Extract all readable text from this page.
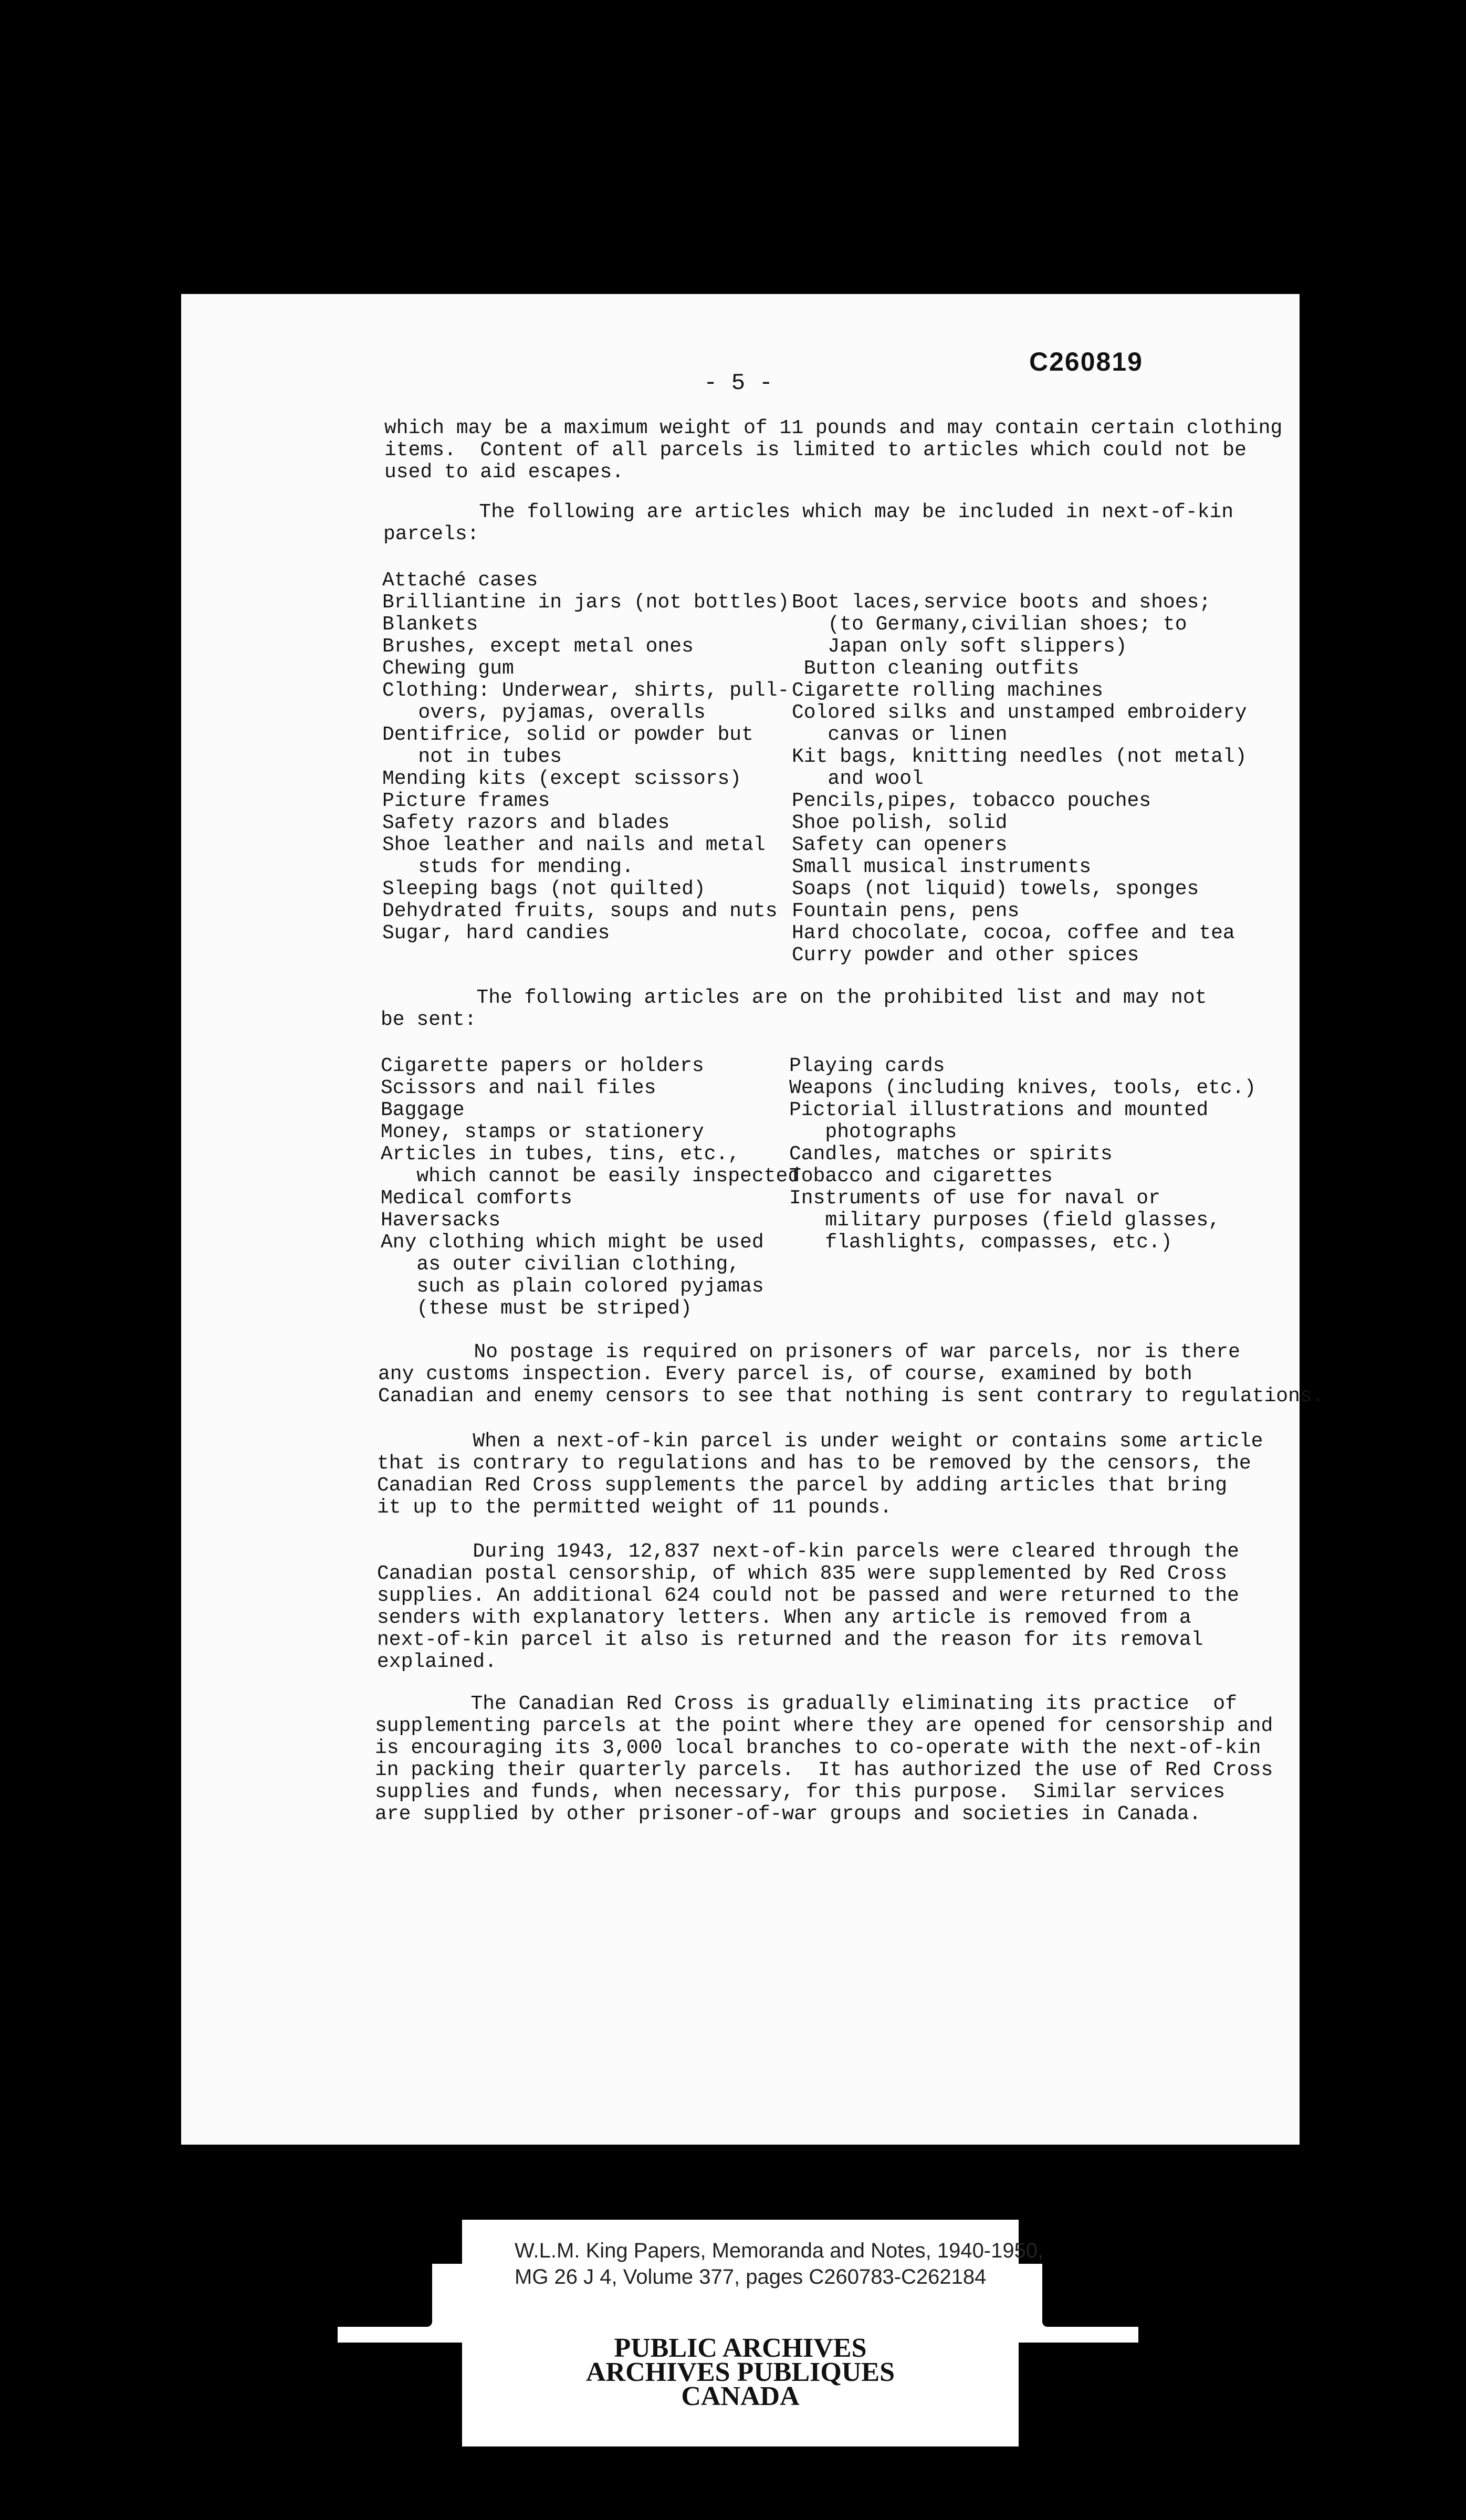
C260819
- 5 -

which may be a maximum weight of 11 pounds and may contain certain clothing
items.  Content of all parcels is limited to articles which could not be
used to aid escapes.

The following are articles which may be included in next-of-kin
parcels:

Attaché cases
Brilliantine in jars (not bottles)
Blankets
Brushes, except metal ones
Chewing gum
Clothing: Underwear, shirts, pull-
overs, pyjamas, overalls
Dentifrice, solid or powder but
not in tubes
Mending kits (except scissors)
Picture frames
Safety razors and blades
Shoe leather and nails and metal
studs for mending.
Sleeping bags (not quilted)
Dehydrated fruits, soups and nuts
Sugar, hard candies

Boot laces,service boots and shoes;
(to Germany,civilian shoes; to
Japan only soft slippers)
Button cleaning outfits
Cigarette rolling machines
Colored silks and unstamped embroidery
canvas or linen
Kit bags, knitting needles (not metal)
and wool
Pencils,pipes, tobacco pouches
Shoe polish, solid
Safety can openers
Small musical instruments
Soaps (not liquid) towels, sponges
Fountain pens, pens
Hard chocolate, cocoa, coffee and tea
Curry powder and other spices

The following articles are on the prohibited list and may not
be sent:

Cigarette papers or holders
Scissors and nail files
Baggage
Money, stamps or stationery
Articles in tubes, tins, etc.,
which cannot be easily inspected
Medical comforts
Haversacks
Any clothing which might be used
as outer civilian clothing,
such as plain colored pyjamas
(these must be striped)

Playing cards
Weapons (including knives, tools, etc.)
Pictorial illustrations and mounted
photographs
Candles, matches or spirits
Tobacco and cigarettes
Instruments of use for naval or
military purposes (field glasses,
flashlights, compasses, etc.)

No postage is required on prisoners of war parcels, nor is there
any customs inspection. Every parcel is, of course, examined by both
Canadian and enemy censors to see that nothing is sent contrary to regulations.

When a next-of-kin parcel is under weight or contains some article
that is contrary to regulations and has to be removed by the censors, the
Canadian Red Cross supplements the parcel by adding articles that bring
it up to the permitted weight of 11 pounds.

During 1943, 12,837 next-of-kin parcels were cleared through the
Canadian postal censorship, of which 835 were supplemented by Red Cross
supplies. An additional 624 could not be passed and were returned to the
senders with explanatory letters. When any article is removed from a
next-of-kin parcel it also is returned and the reason for its removal
explained.

The Canadian Red Cross is gradually eliminating its practice  of
supplementing parcels at the point where they are opened for censorship and
is encouraging its 3,000 local branches to co-operate with the next-of-kin
in packing their quarterly parcels.  It has authorized the use of Red Cross
supplies and funds, when necessary, for this purpose.  Similar services
are supplied by other prisoner-of-war groups and societies in Canada.

W.L.M. King Papers, Memoranda and Notes, 1940-1950,
MG 26 J 4, Volume 377, pages C260783-C262184
PUBLIC ARCHIVES
ARCHIVES PUBLIQUES
CANADA
